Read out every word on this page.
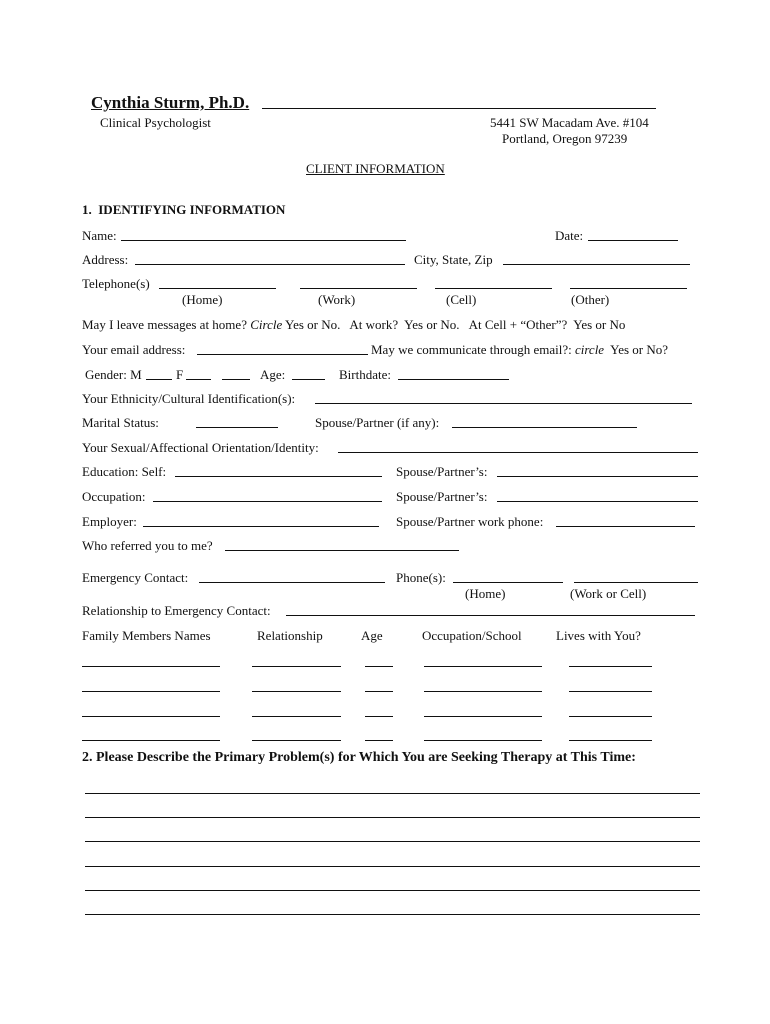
Cynthia Sturm, Ph.D.
Clinical Psychologist	5441 SW Macadam Ave. #104
Portland, Oregon 97239
CLIENT INFORMATION
1.  IDENTIFYING INFORMATION
Name:	Date:
Address:	City, State, Zip
Telephone(s)
(Home)	(Work)	(Cell)	(Other)
May I leave messages at home? Circle Yes or No.   At work?  Yes or No.   At Cell + “Other”?  Yes or No
Your email address:	May we communicate through email?: circle  Yes or No?
Gender: M	F	Age:	Birthdate:
Your Ethnicity/Cultural Identification(s):
Marital Status:	Spouse/Partner (if any):
Your Sexual/Affectional Orientation/Identity:
Education: Self:	Spouse/Partner’s:
Occupation:	Spouse/Partner’s:
Employer:	Spouse/Partner work phone:
Who referred you to me?
Emergency Contact:	Phone(s):
(Home)	(Work or Cell)
Relationship to Emergency Contact:
Family Members Names	Relationship	Age	Occupation/School	Lives with You?
2. Please Describe the Primary Problem(s) for Which You are Seeking Therapy at This Time:
